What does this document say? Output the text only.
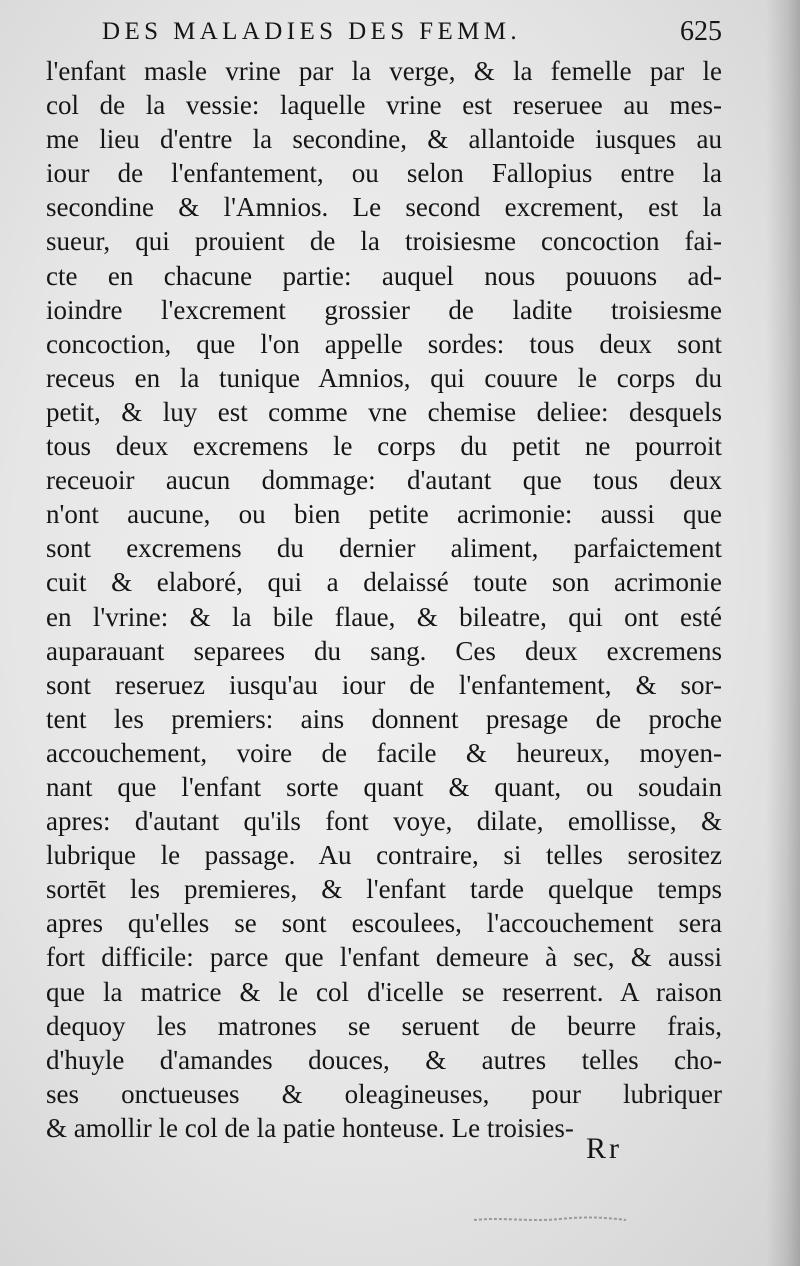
DES MALADIES DES FEMM.	625
l'enfant masle vrine par la verge, & la femelle par le
col de la vessie: laquelle vrine est reseruee au mes-
me lieu d'entre la secondine, & allantoide iusques au
iour de l'enfantement, ou selon Fallopius entre la
secondine & l'Amnios. Le second excrement, est la
sueur, qui prouient de la troisiesme concoction fai-
cte en chacune partie: auquel nous pouuons ad-
ioindre l'excrement grossier de ladite troisiesme
concoction, que l'on appelle sordes: tous deux sont
receus en la tunique Amnios, qui couure le corps du
petit, & luy est comme vne chemise deliee: desquels
tous deux excremens le corps du petit ne pourroit
receuoir aucun dommage: d'autant que tous deux
n'ont aucune, ou bien petite acrimonie: aussi que
sont excremens du dernier aliment, parfaictement
cuit & elaboré, qui a delaissé toute son acrimonie
en l'vrine: & la bile flaue, & bileatre, qui ont esté
auparauant separees du sang. Ces deux excremens
sont reseruez iusqu'au iour de l'enfantement, & sor-
tent les premiers: ains donnent presage de proche
accouchement, voire de facile & heureux, moyen-
nant que l'enfant sorte quant & quant, ou soudain
apres: d'autant qu'ils font voye, dilate, emollisse, &
lubrique le passage. Au contraire, si telles serositez
sortēt les premieres, & l'enfant tarde quelque temps
apres qu'elles se sont escoulees, l'accouchement sera
fort difficile: parce que l'enfant demeure à sec, & aussi
que la matrice & le col d'icelle se reserrent. A raison
dequoy les matrones se seruent de beurre frais,
d'huyle d'amandes douces, & autres telles cho-
ses onctueuses & oleagineuses, pour lubriquer
& amollir le col de la patie honteuse. Le troisies-
Rr
